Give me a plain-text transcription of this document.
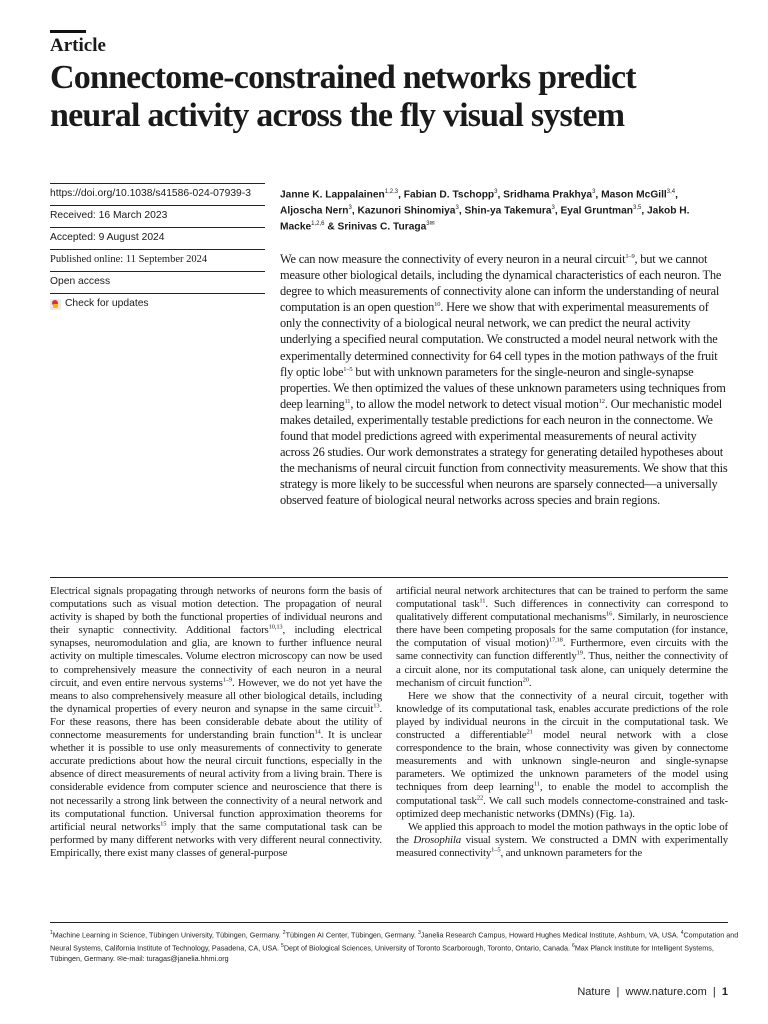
Article
Connectome-constrained networks predict
neural activity across the fly visual system
https://doi.org/10.1038/s41586-024-07939-3
Received: 16 March 2023
Accepted: 9 August 2024
Published online: 11 September 2024
Open access
Check for updates
Janne K. Lappalainen$^{1,2,3}$, Fabian D. Tschopp$^3$, Sridhama Prakhya$^3$, Mason McGill$^{3,4}$, Aljoscha Nern$^3$, Kazunori Shinomiya$^3$, Shin-ya Takemura$^3$, Eyal Gruntman$^{3,5}$, Jakob H. Macke$^{1,2,6}$ & Srinivas C. Turaga$^{3✉}$
We can now measure the connectivity of every neuron in a neural circuit$^{1-9}$, but we cannot measure other biological details, including the dynamical characteristics of each neuron. The degree to which measurements of connectivity alone can inform the understanding of neural computation is an open question$^{10}$. Here we show that with experimental measurements of only the connectivity of a biological neural network, we can predict the neural activity underlying a specified neural computation. We constructed a model neural network with the experimentally determined connectivity for 64 cell types in the motion pathways of the fruit fly optic lobe$^{1-5}$ but with unknown parameters for the single-neuron and single-synapse properties. We then optimized the values of these unknown parameters using techniques from deep learning$^{11}$, to allow the model network to detect visual motion$^{12}$. Our mechanistic model makes detailed, experimentally testable predictions for each neuron in the connectome. We found that model predictions agreed with experimental measurements of neural activity across 26 studies. Our work demonstrates a strategy for generating detailed hypotheses about the mechanisms of neural circuit function from connectivity measurements. We show that this strategy is more likely to be successful when neurons are sparsely connected—a universally observed feature of biological neural networks across species and brain regions.

Electrical signals propagating through networks of neurons form the basis of computations such as visual motion detection. The propagation of neural activity is shaped by both the functional properties of individual neurons and their synaptic connectivity. Additional factors$^{10,13}$, including electrical synapses, neuromodulation and glia, are known to further influence neural activity on multiple timescales. Volume electron microscopy can now be used to comprehensively measure the connectivity of each neuron in a neural circuit, and even entire nervous systems$^{1-9}$. However, we do not yet have the means to also comprehensively measure all other biological details, including the dynamical properties of every neuron and synapse in the same circuit$^{13}$. For these reasons, there has been considerable debate about the utility of connectome measurements for understanding brain function$^{14}$. It is unclear whether it is possible to use only measurements of connectivity to generate accurate predictions about how the neural circuit functions, especially in the absence of direct measurements of neural activity from a living brain. There is considerable evidence from computer science and neuroscience that there is not necessarily a strong link between the connectivity of a neural network and its computational function. Universal function approximation theorems for artificial neural networks$^{15}$ imply that the same computational task can be performed by many different networks with very different neural connectivity. Empirically, there exist many classes of general-purpose

artificial neural network architectures that can be trained to perform the same computational task$^{11}$. Such differences in connectivity can correspond to qualitatively different computational mechanisms$^{16}$. Similarly, in neuroscience there have been competing proposals for the same computation (for instance, the computation of visual motion)$^{17,18}$. Furthermore, even circuits with the same connectivity can function differently$^{19}$. Thus, neither the connectivity of a circuit alone, nor its computational task alone, can uniquely determine the mechanism of circuit function$^{20}$.

Here we show that the connectivity of a neural circuit, together with knowledge of its computational task, enables accurate predictions of the role played by individual neurons in the circuit in the computational task. We constructed a differentiable$^{21}$ model neural network with a close correspondence to the brain, whose connectivity was given by connectome measurements and with unknown single-neuron and single-synapse parameters. We optimized the unknown parameters of the model using techniques from deep learning$^{11}$, to enable the model to accomplish the computational task$^{22}$. We call such models connectome-constrained and task-optimized deep mechanistic networks (DMNs) (Fig. 1a).

We applied this approach to model the motion pathways in the optic lobe of the Drosophila visual system. We constructed a DMN with experimentally measured connectivity$^{1-5}$, and unknown parameters for the

$^1$Machine Learning in Science, Tübingen University, Tübingen, Germany. $^2$Tübingen AI Center, Tübingen, Germany. $^3$Janelia Research Campus, Howard Hughes Medical Institute, Ashburn, VA, USA. $^4$Computation and Neural Systems, California Institute of Technology, Pasadena, CA, USA. $^5$Dept of Biological Sciences, University of Toronto Scarborough, Toronto, Ontario, Canada. $^6$Max Planck Institute for Intelligent Systems, Tübingen, Germany. ✉e-mail: turagas@janelia.hhmi.org
Nature  |  www.nature.com  |  1
